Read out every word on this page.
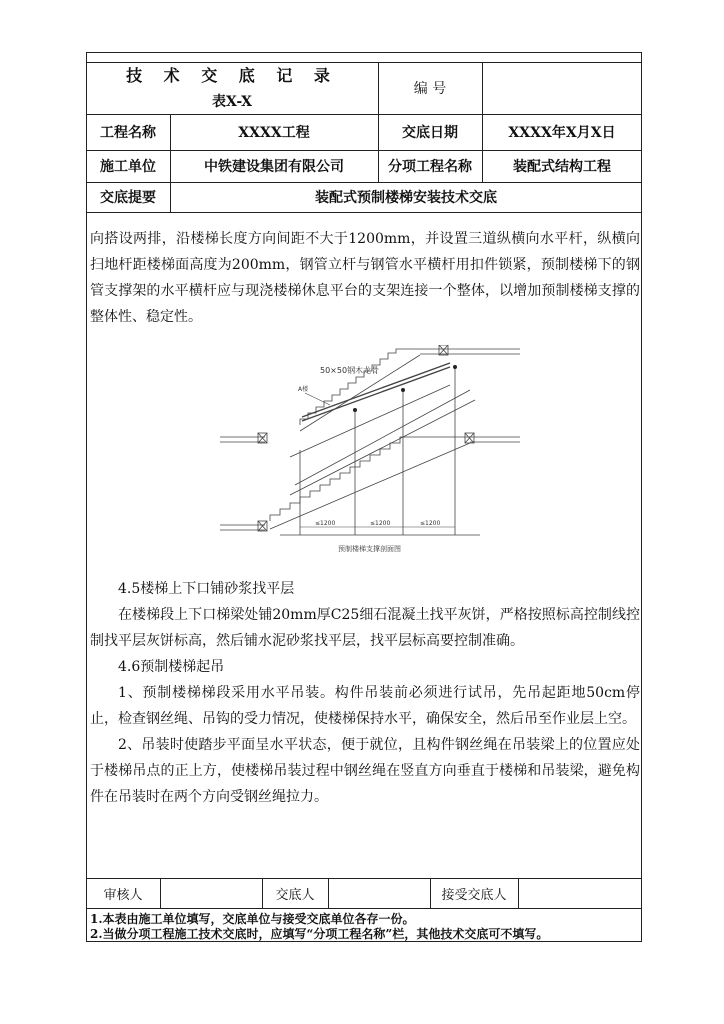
技 术 交 底 记 录
表X-X
编 号
工程名称	XXXX工程	交底日期	XXXX年X月X日
施工单位	中铁建设集团有限公司	分项工程名称	装配式结构工程
交底提要	装配式预制楼梯安装技术交底

向搭设两排，沿楼梯长度方向间距不大于1200mm，并设置三道纵横向水平杆，纵横向扫地杆距楼梯面高度为200mm，钢管立杆与钢管水平横杆用扣件锁紧，预制楼梯下的钢管支撑架的水平横杆应与现浇楼梯休息平台的支架连接一个整体，以增加预制楼梯支撑的整体性、稳定性。

A楼
50×50钢木龙骨
≤1200	≤1200	≤1200
预制楼梯支撑剖面图

4.5楼梯上下口铺砂浆找平层

在楼梯段上下口梯梁处铺20mm厚C25细石混凝土找平灰饼，严格按照标高控制线控制找平层灰饼标高，然后铺水泥砂浆找平层，找平层标高要控制准确。

4.6预制楼梯起吊

1、预制楼梯梯段采用水平吊装。构件吊装前必须进行试吊，先吊起距地50cm停止，检查钢丝绳、吊钩的受力情况，使楼梯保持水平，确保安全，然后吊至作业层上空。

2、吊装时使踏步平面呈水平状态，便于就位，且构件钢丝绳在吊装梁上的位置应处于楼梯吊点的正上方，使楼梯吊装过程中钢丝绳在竖直方向垂直于楼梯和吊装梁，避免构件在吊装时在两个方向受钢丝绳拉力。

审核人	交底人	接受交底人
1.本表由施工单位填写，交底单位与接受交底单位各存一份。
2.当做分项工程施工技术交底时，应填写“分项工程名称”栏，其他技术交底可不填写。
